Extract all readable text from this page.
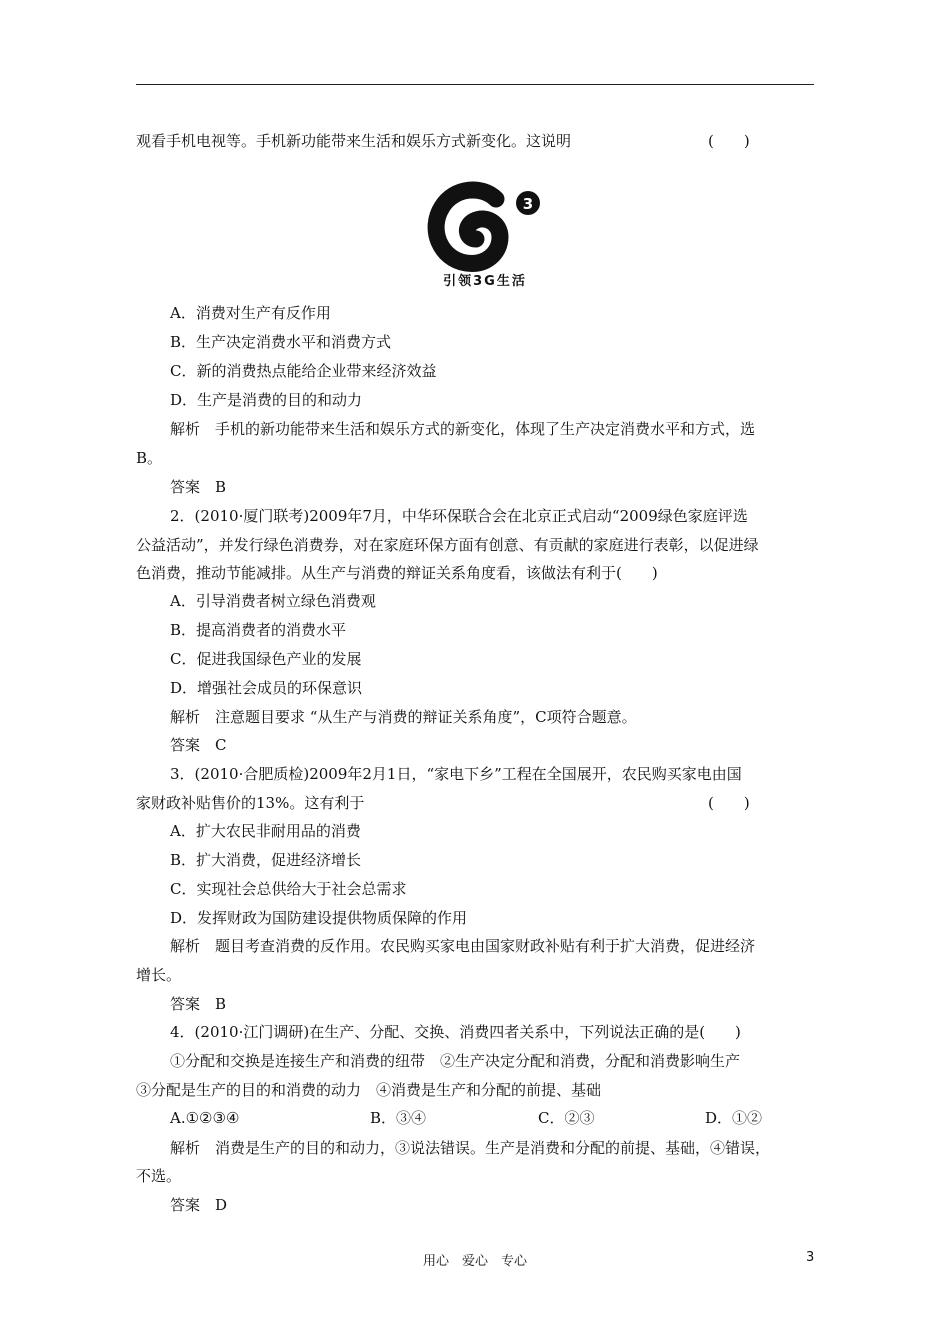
观看手机电视等。手机新功能带来生活和娱乐方式新变化。这说明	(　　)
3
引领3G生活
A．消费对生产有反作用
B．生产决定消费水平和消费方式
C．新的消费热点能给企业带来经济效益
D．生产是消费的目的和动力
解析　手机的新功能带来生活和娱乐方式的新变化，体现了生产决定消费水平和方式，选
B。
答案　B
2．(2010·厦门联考)2009年7月，中华环保联合会在北京正式启动“2009绿色家庭评选
公益活动”，并发行绿色消费券，对在家庭环保方面有创意、有贡献的家庭进行表彰，以促进绿
色消费，推动节能减排。从生产与消费的辩证关系角度看，该做法有利于(　　)
A．引导消费者树立绿色消费观
B．提高消费者的消费水平
C．促进我国绿色产业的发展
D．增强社会成员的环保意识
解析　注意题目要求 “从生产与消费的辩证关系角度”，C项符合题意。
答案　C
3．(2010·合肥质检)2009年2月1日，“家电下乡”工程在全国展开，农民购买家电由国
家财政补贴售价的13%。这有利于	(　　)
A．扩大农民非耐用品的消费
B．扩大消费，促进经济增长
C．实现社会总供给大于社会总需求
D．发挥财政为国防建设提供物质保障的作用
解析　题目考查消费的反作用。农民购买家电由国家财政补贴有利于扩大消费，促进经济
增长。
答案　B
4．(2010·江门调研)在生产、分配、交换、消费四者关系中，下列说法正确的是(　　)
①分配和交换是连接生产和消费的纽带　②生产决定分配和消费，分配和消费影响生产
③分配是生产的目的和消费的动力　④消费是生产和分配的前提、基础
A.①②③④	B．③④	C．②③	D．①②
解析　消费是生产的目的和动力，③说法错误。生产是消费和分配的前提、基础，④错误，
不选。
答案　D
用心　爱心　专心	3
